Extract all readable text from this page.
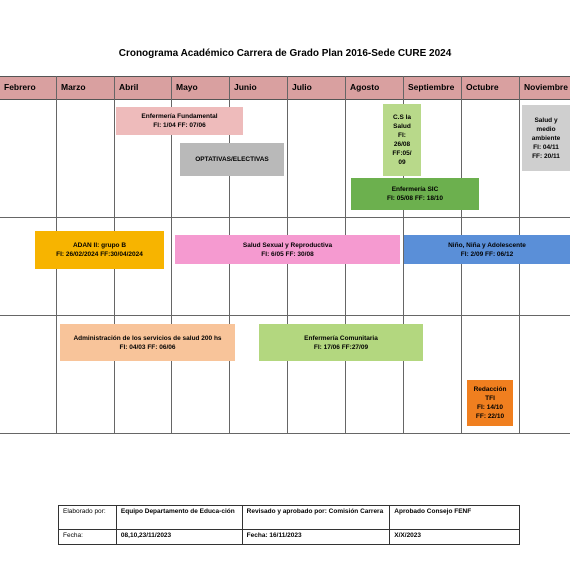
Cronograma Académico Carrera de Grado Plan 2016-Sede CURE 2024
Febrero	Marzo	Abril	Mayo	Junio	Julio	Agosto	Septiembre	Octubre	Noviembre
Enfermería Fundamental
FI: 1/04 FF: 07/06
OPTATIVAS/ELECTIVAS
C.S la
Salud
FI:
26/08
FF:05/
09
Enfermería SIC
FI: 05/08 FF: 18/10
Salud y
medio
ambiente
FI: 04/11
FF: 20/11
ADAN II: grupo B
FI: 26/02/2024 FF:30/04/2024
Salud Sexual y Reproductiva
FI: 6/05 FF: 30/08
Niño, Niña y Adolescente
FI: 2/09 FF: 06/12
Administración de los servicios de salud 200 hs
FI: 04/03 FF: 06/06
Enfermería Comunitaria
FI: 17/06 FF:27/09
Redacción
TFI
FI: 14/10
FF: 22/10
Elaborado por:	Equipo Departamento de Educa-ción	Revisado y aprobado por: Comisión Carrera	Aprobado Consejo FENF
Fecha:	08,10,23/11/2023	Fecha: 16/11/2023	X/X/2023
